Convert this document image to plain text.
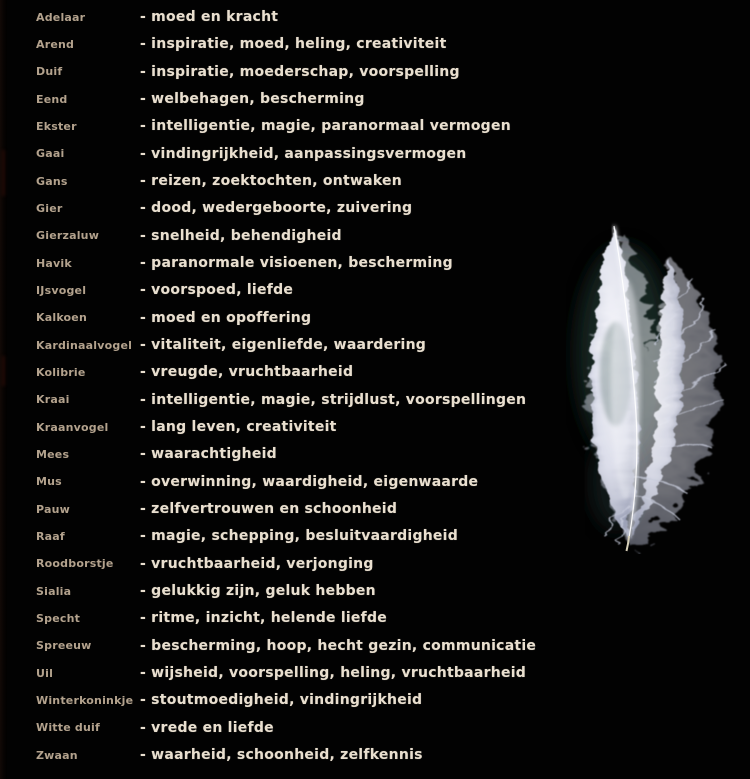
Adelaar	- moed en kracht
Arend	- inspiratie, moed, heling, creativiteit
Duif	- inspiratie, moederschap, voorspelling
Eend	- welbehagen, bescherming
Ekster	- intelligentie, magie, paranormaal vermogen
Gaai	- vindingrijkheid, aanpassingsvermogen
Gans	- reizen, zoektochten, ontwaken
Gier	- dood, wedergeboorte, zuivering
Gierzaluw	- snelheid, behendigheid
Havik	- paranormale visioenen, bescherming
IJsvogel	- voorspoed, liefde
Kalkoen	- moed en opoffering
Kardinaalvogel - vitaliteit, eigenliefde, waardering
Kolibrie	- vreugde, vruchtbaarheid
Kraai	- intelligentie, magie, strijdlust, voorspellingen
Kraanvogel	- lang leven, creativiteit
Mees	- waarachtigheid
Mus	- overwinning, waardigheid, eigenwaarde
Pauw	- zelfvertrouwen en schoonheid
Raaf	- magie, schepping, besluitvaardigheid
Roodborstje	- vruchtbaarheid, verjonging
Sialia	- gelukkig zijn, geluk hebben
Specht	- ritme, inzicht, helende liefde
Spreeuw	- bescherming, hoop, hecht gezin, communicatie
Uil	- wijsheid, voorspelling, heling, vruchtbaarheid
Winterkoninkje - stoutmoedigheid, vindingrijkheid
Witte duif	- vrede en liefde
Zwaan	- waarheid, schoonheid, zelfkennis
